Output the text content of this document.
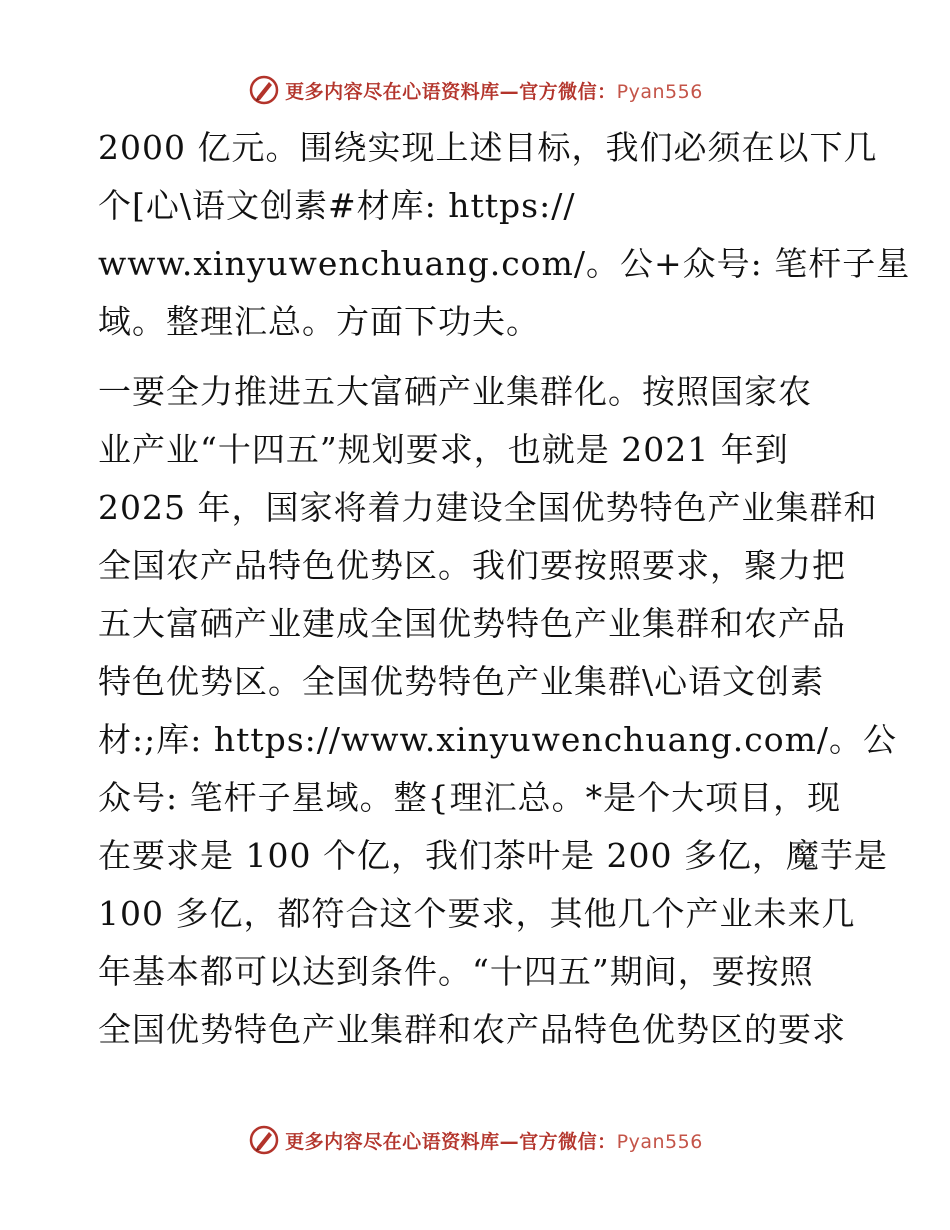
更多内容尽在心语资料库—官方微信：Pyan556
2000 亿元。围绕实现上述目标，我们必须在以下几
个[心\语文创素#材库: https://
www.xinyuwenchuang.com/。公+众号: 笔杆子星
域。整理汇总。方面下功夫。
一要全力推进五大富硒产业集群化。按照国家农
业产业“十四五”规划要求，也就是 2021 年到
2025 年，国家将着力建设全国优势特色产业集群和
全国农产品特色优势区。我们要按照要求，聚力把
五大富硒产业建成全国优势特色产业集群和农产品
特色优势区。全国优势特色产业集群\心语文创素
材:;库: https://www.xinyuwenchuang.com/。公
众号: 笔杆子星域。整{理汇总。*是个大项目，现
在要求是 100 个亿，我们茶叶是 200 多亿，魔芋是
100 多亿，都符合这个要求，其他几个产业未来几
年基本都可以达到条件。“十四五”期间，要按照
全国优势特色产业集群和农产品特色优势区的要求
更多内容尽在心语资料库—官方微信：Pyan556
